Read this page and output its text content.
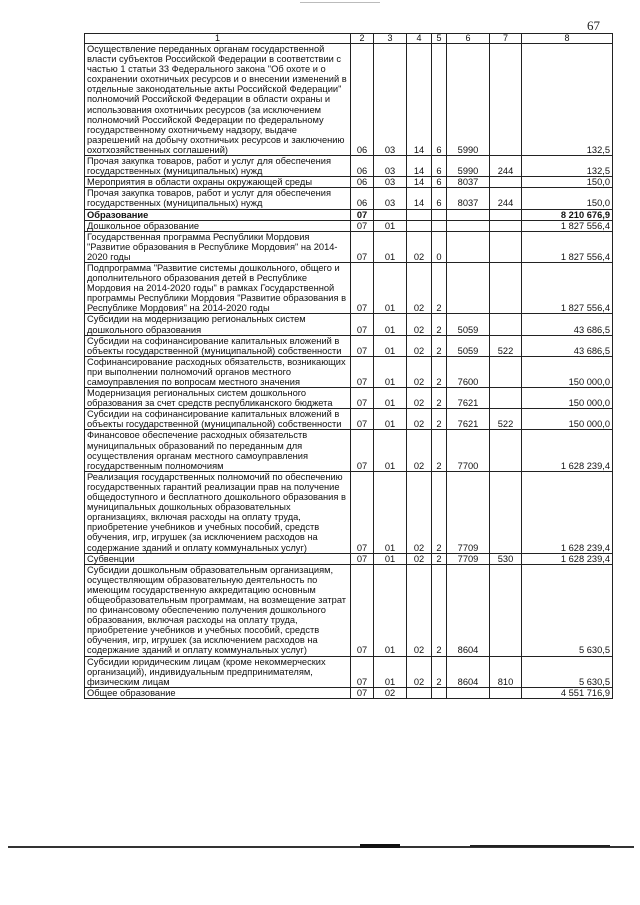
67
1	2	3	4	5	6	7	8
Осуществление переданных органам государственной власти субъектов Российской Федерации в соответствии с частью 1 статьи 33 Федерального закона "Об охоте и о сохранении охотничьих ресурсов и о внесении изменений в отдельные законодательные акты Российской Федерации" полномочий Российской Федерации в области охраны и использования охотничьих ресурсов (за исключением полномочий Российской Федерации по федеральному государственному охотничьему надзору, выдаче разрешений на добычу охотничьих ресурсов и заключению охотхозяйственных соглашений)	06	03	14	6	5990		132,5
Прочая закупка товаров, работ и услуг для обеспечения государственных (муниципальных) нужд	06	03	14	6	5990	244	132,5
Мероприятия в области охраны окружающей среды	06	03	14	6	8037		150,0
Прочая закупка товаров, работ и услуг для обеспечения государственных (муниципальных) нужд	06	03	14	6	8037	244	150,0
Образование	07						8 210 676,9
Дошкольное образование	07	01					1 827 556,4
Государственная программа Республики Мордовия "Развитие образования в Республике Мордовия" на 2014-2020 годы	07	01	02	0			1 827 556,4
Подпрограмма "Развитие системы дошкольного, общего и дополнительного образования детей в Республике Мордовия на 2014-2020 годы" в рамках Государственной программы Республики Мордовия "Развитие образования в Республике Мордовия" на 2014-2020 годы	07	01	02	2			1 827 556,4
Субсидии на модернизацию региональных систем дошкольного образования	07	01	02	2	5059		43 686,5
Субсидии на софинансирование капитальных вложений в объекты государственной (муниципальной) собственности	07	01	02	2	5059	522	43 686,5
Софинансирование расходных обязательств, возникающих при выполнении полномочий органов местного самоуправления по вопросам местного значения	07	01	02	2	7600		150 000,0
Модернизация региональных систем дошкольного образования за счет средств республиканского бюджета	07	01	02	2	7621		150 000,0
Субсидии на софинансирование капитальных вложений в объекты государственной (муниципальной) собственности	07	01	02	2	7621	522	150 000,0
Финансовое обеспечение расходных обязательств муниципальных образований по переданным для осуществления органам местного самоуправления государственным полномочиям	07	01	02	2	7700		1 628 239,4
Реализация государственных полномочий по обеспечению государственных гарантий реализации прав на получение общедоступного и бесплатного дошкольного образования в муниципальных дошкольных образовательных организациях, включая расходы на оплату труда, приобретение учебников и учебных пособий, средств обучения, игр, игрушек (за исключением расходов на содержание зданий и оплату коммунальных услуг)	07	01	02	2	7709		1 628 239,4
Субвенции	07	01	02	2	7709	530	1 628 239,4
Субсидии дошкольным образовательным организациям, осуществляющим образовательную деятельность по имеющим государственную аккредитацию основным общеобразовательным программам, на возмещение затрат по финансовому обеспечению получения дошкольного образования, включая расходы на оплату труда, приобретение учебников и учебных пособий, средств обучения, игр, игрушек (за исключением расходов на содержание зданий и оплату коммунальных услуг)	07	01	02	2	8604		5 630,5
Субсидии юридическим лицам (кроме некоммерческих организаций), индивидуальным предпринимателям, физическим лицам	07	01	02	2	8604	810	5 630,5
Общее образование	07	02					4 551 716,9
